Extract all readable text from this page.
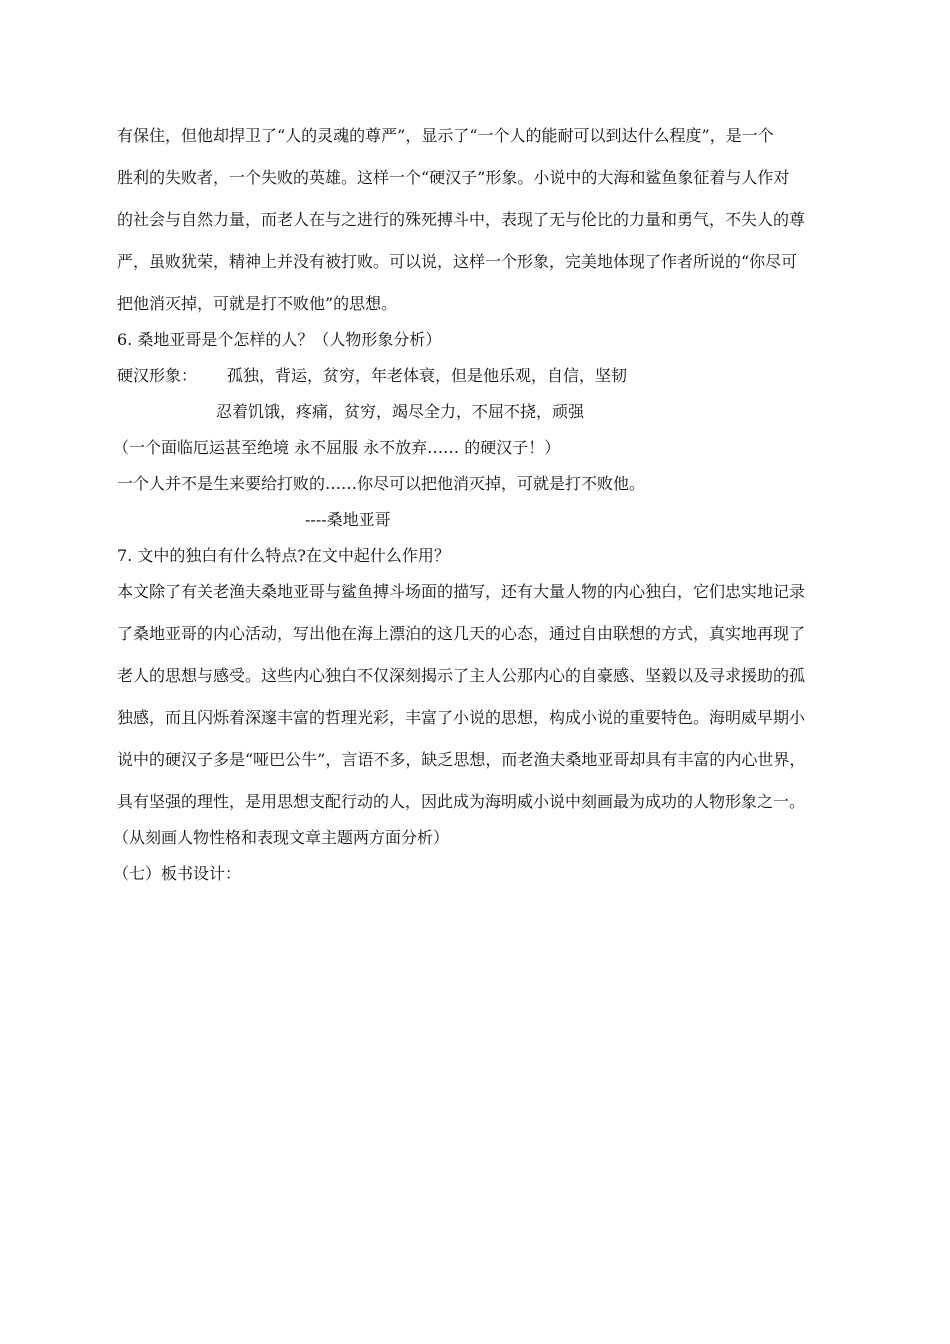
有保住，但他却捍卫了“人的灵魂的尊严”，显示了“一个人的能耐可以到达什么程度”，是一个
胜利的失败者，一个失败的英雄。这样一个“硬汉子”形象。小说中的大海和鲨鱼象征着与人作对
的社会与自然力量，而老人在与之进行的殊死搏斗中，表现了无与伦比的力量和勇气，不失人的尊
严，虽败犹荣，精神上并没有被打败。可以说，这样一个形象，完美地体现了作者所说的“你尽可
把他消灭掉，可就是打不败他”的思想。
6. 桑地亚哥是个怎样的人？（人物形象分析）
硬汉形象： 孤独，背运，贫穷，年老体衰，但是他乐观，自信，坚韧
忍着饥饿，疼痛，贫穷，竭尽全力，不屈不挠，顽强
（一个面临厄运甚至绝境 永不屈服 永不放弃…… 的硬汉子！）
一个人并不是生来要给打败的……你尽可以把他消灭掉，可就是打不败他。
----桑地亚哥
7. 文中的独白有什么特点?在文中起什么作用？
本文除了有关老渔夫桑地亚哥与鲨鱼搏斗场面的描写，还有大量人物的内心独白，它们忠实地记录
了桑地亚哥的内心活动，写出他在海上漂泊的这几天的心态，通过自由联想的方式，真实地再现了
老人的思想与感受。这些内心独白不仅深刻揭示了主人公那内心的自豪感、坚毅以及寻求援助的孤
独感，而且闪烁着深邃丰富的哲理光彩，丰富了小说的思想，构成小说的重要特色。海明威早期小
说中的硬汉子多是“哑巴公牛”，言语不多，缺乏思想，而老渔夫桑地亚哥却具有丰富的内心世界，
具有坚强的理性，是用思想支配行动的人，因此成为海明威小说中刻画最为成功的人物形象之一。
（从刻画人物性格和表现文章主题两方面分析）
（七）板书设计：
